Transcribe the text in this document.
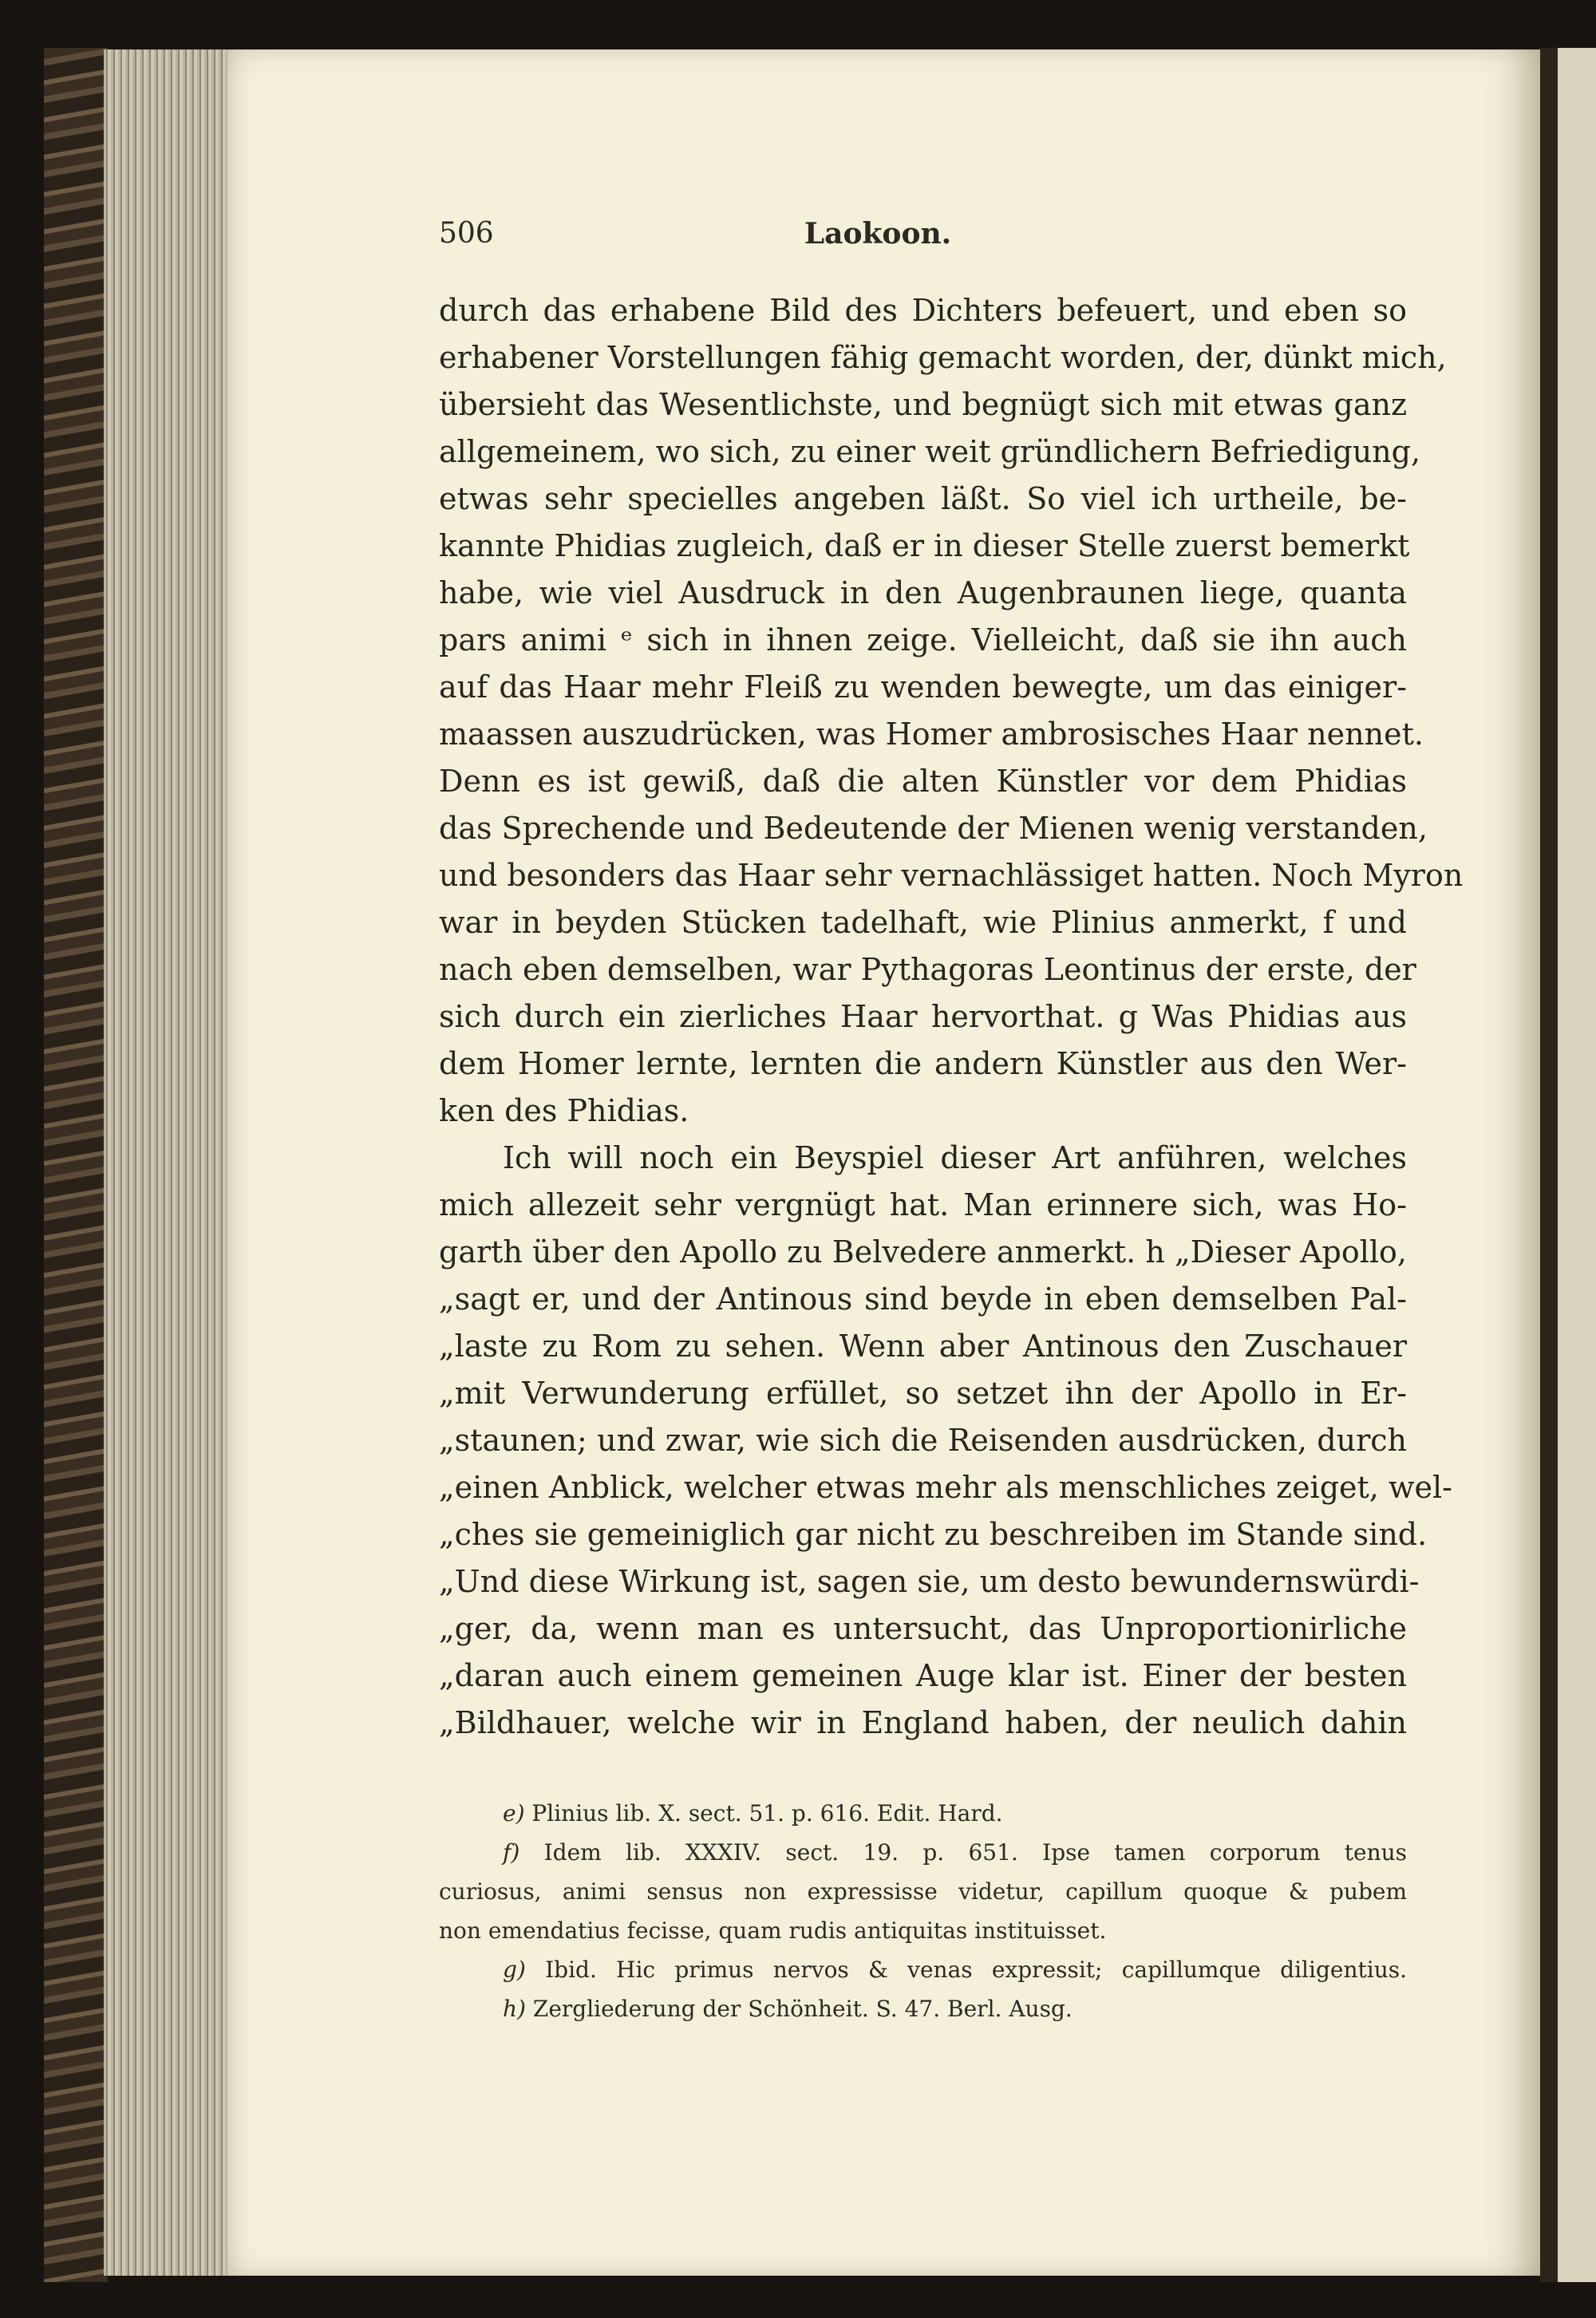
506	Laokoon.
durch das erhabene Bild des Dichters befeuert, und eben so
erhabener Vorstellungen fähig gemacht worden, der, dünkt mich,
übersieht das Wesentlichste, und begnügt sich mit etwas ganz
allgemeinem, wo sich, zu einer weit gründlichern Befriedigung,
etwas sehr specielles angeben läßt. So viel ich urtheile, be-
kannte Phidias zugleich, daß er in dieser Stelle zuerst bemerkt
habe, wie viel Ausdruck in den Augenbraunen liege, quanta
pars animi ᵉ sich in ihnen zeige. Vielleicht, daß sie ihn auch
auf das Haar mehr Fleiß zu wenden bewegte, um das einiger-
maassen auszudrücken, was Homer ambrosisches Haar nennet.
Denn es ist gewiß, daß die alten Künstler vor dem Phidias
das Sprechende und Bedeutende der Mienen wenig verstanden,
und besonders das Haar sehr vernachlässiget hatten. Noch Myron
war in beyden Stücken tadelhaft, wie Plinius anmerkt, f und
nach eben demselben, war Pythagoras Leontinus der erste, der
sich durch ein zierliches Haar hervorthat. g Was Phidias aus
dem Homer lernte, lernten die andern Künstler aus den Wer-
ken des Phidias.
Ich will noch ein Beyspiel dieser Art anführen, welches
mich allezeit sehr vergnügt hat. Man erinnere sich, was Ho-
garth über den Apollo zu Belvedere anmerkt. h „Dieser Apollo,
„sagt er, und der Antinous sind beyde in eben demselben Pal-
„laste zu Rom zu sehen. Wenn aber Antinous den Zuschauer
„mit Verwunderung erfüllet, so setzet ihn der Apollo in Er-
„staunen; und zwar, wie sich die Reisenden ausdrücken, durch
„einen Anblick, welcher etwas mehr als menschliches zeiget, wel-
„ches sie gemeiniglich gar nicht zu beschreiben im Stande sind.
„Und diese Wirkung ist, sagen sie, um desto bewundernswürdi-
„ger, da, wenn man es untersucht, das Unproportionirliche
„daran auch einem gemeinen Auge klar ist. Einer der besten
„Bildhauer, welche wir in England haben, der neulich dahin
e) Plinius lib. X. sect. 51. p. 616. Edit. Hard.
f) Idem lib. XXXIV. sect. 19. p. 651. Ipse tamen corporum tenus
curiosus, animi sensus non expressisse videtur, capillum quoque & pubem
non emendatius fecisse, quam rudis antiquitas instituisset.
g) Ibid. Hic primus nervos & venas expressit; capillumque diligentius.
h) Zergliederung der Schönheit. S. 47. Berl. Ausg.
